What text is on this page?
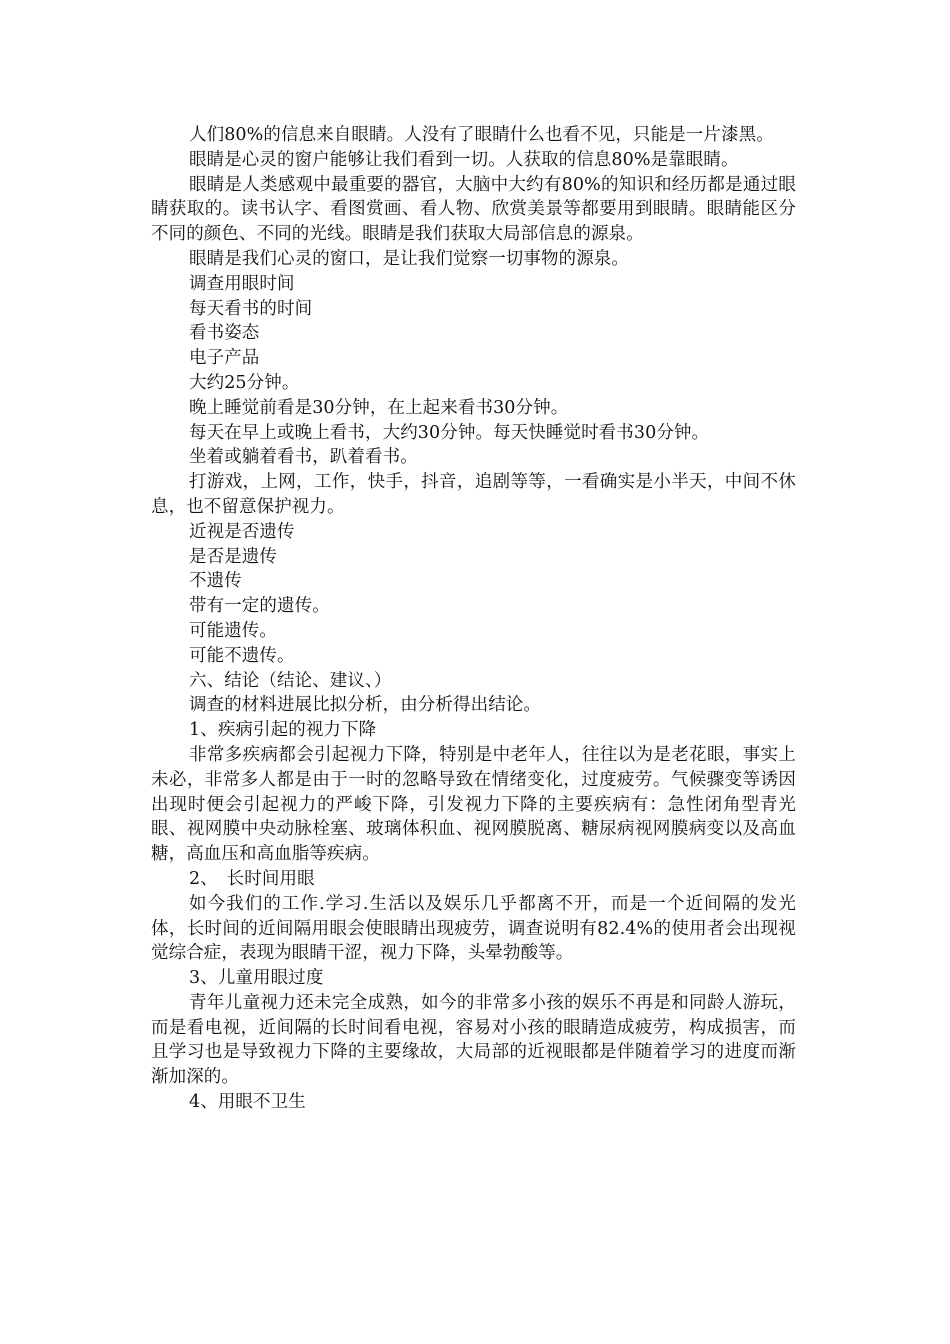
人们80%的信息来自眼睛。人没有了眼睛什么也看不见，只能是一片漆黑。

眼睛是心灵的窗户能够让我们看到一切。人获取的信息80%是靠眼睛。

眼睛是人类感观中最重要的器官，大脑中大约有80%的知识和经历都是通过眼睛获取的。读书认字、看图赏画、看人物、欣赏美景等都要用到眼睛。眼睛能区分不同的颜色、不同的光线。眼睛是我们获取大局部信息的源泉。

眼睛是我们心灵的窗口，是让我们觉察一切事物的源泉。

调查用眼时间

每天看书的时间

看书姿态

电子产品

大约25分钟。

晚上睡觉前看是30分钟，在上起来看书30分钟。

每天在早上或晚上看书，大约30分钟。每天快睡觉时看书30分钟。

坐着或躺着看书，趴着看书。

打游戏，上网，工作，快手，抖音，追剧等等，一看确实是小半天，中间不休息，也不留意保护视力。

近视是否遗传

是否是遗传

不遗传

带有一定的遗传。

可能遗传。

可能不遗传。

六、结论（结论、建议、）

调查的材料进展比拟分析，由分析得出结论。

1、疾病引起的视力下降

非常多疾病都会引起视力下降，特别是中老年人，往往以为是老花眼，事实上未必，非常多人都是由于一时的忽略导致在情绪变化，过度疲劳。气候骤变等诱因出现时便会引起视力的严峻下降，引发视力下降的主要疾病有：急性闭角型青光眼、视网膜中央动脉栓塞、玻璃体积血、视网膜脱离、糖尿病视网膜病变以及高血糖，高血压和高血脂等疾病。

2、　长时间用眼

如今我们的工作.学习.生活以及娱乐几乎都离不开，而是一个近间隔的发光体，长时间的近间隔用眼会使眼睛出现疲劳，调查说明有82.4%的使用者会出现视觉综合症，表现为眼睛干涩，视力下降，头晕勃酸等。

3、儿童用眼过度

青年儿童视力还未完全成熟，如今的非常多小孩的娱乐不再是和同龄人游玩，而是看电视，近间隔的长时间看电视，容易对小孩的眼睛造成疲劳，构成损害，而且学习也是导致视力下降的主要缘故，大局部的近视眼都是伴随着学习的进度而渐渐加深的。

4、用眼不卫生
